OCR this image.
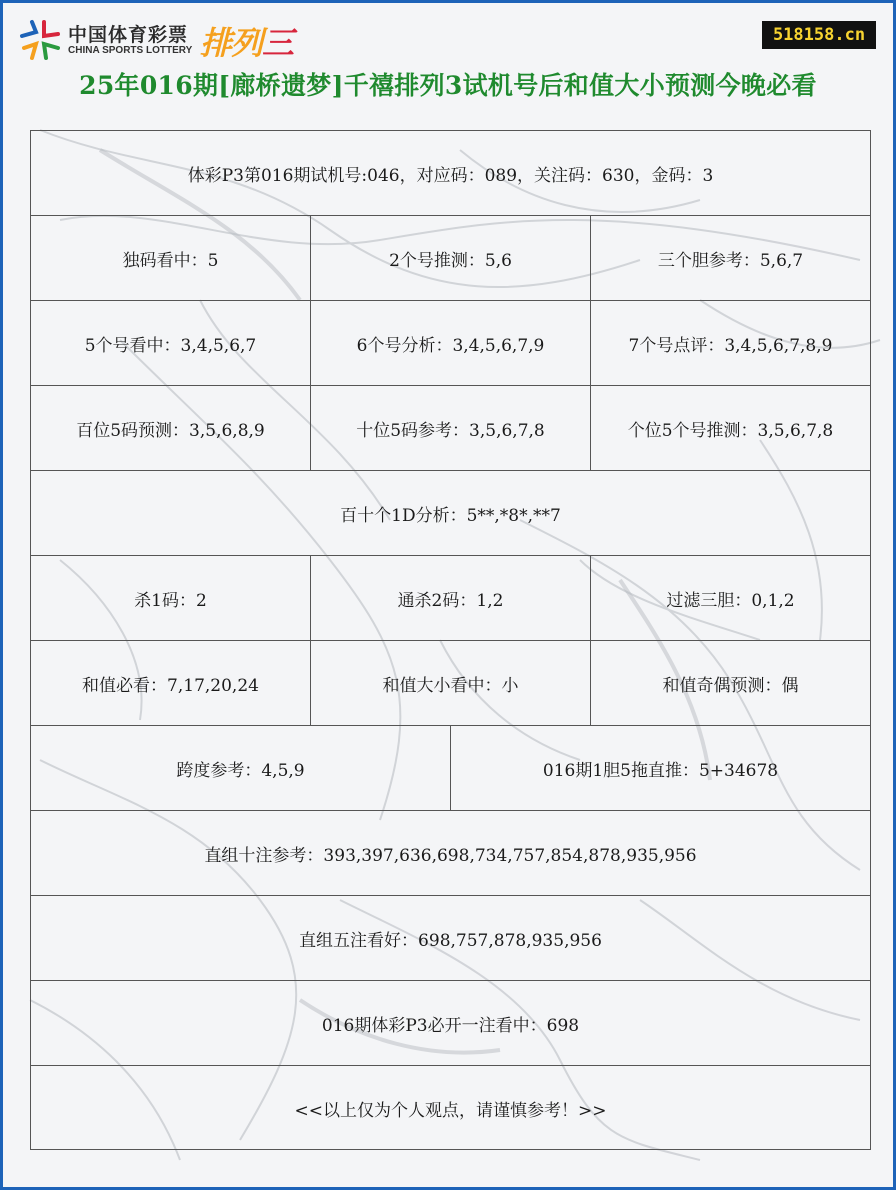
中国体育彩票
CHINA SPORTS LOTTERY 排列三	518158.cn
25年016期[廊桥遗梦]千禧排列3试机号后和值大小预测今晚必看
体彩P3第016期试机号:046，对应码：089，关注码：630，金码：3
独码看中：5	2个号推测：5,6	三个胆参考：5,6,7
5个号看中：3,4,5,6,7	6个号分析：3,4,5,6,7,9	7个号点评：3,4,5,6,7,8,9
百位5码预测：3,5,6,8,9	十位5码参考：3,5,6,7,8	个位5个号推测：3,5,6,7,8
百十个1D分析：5**,*8*,**7
杀1码：2	通杀2码：1,2	过滤三胆：0,1,2
和值必看：7,17,20,24	和值大小看中：小	和值奇偶预测：偶
跨度参考：4,5,9	016期1胆5拖直推：5+34678
直组十注参考：393,397,636,698,734,757,854,878,935,956
直组五注看好：698,757,878,935,956
016期体彩P3必开一注看中：698
<<以上仅为个人观点，请谨慎参考！>>
